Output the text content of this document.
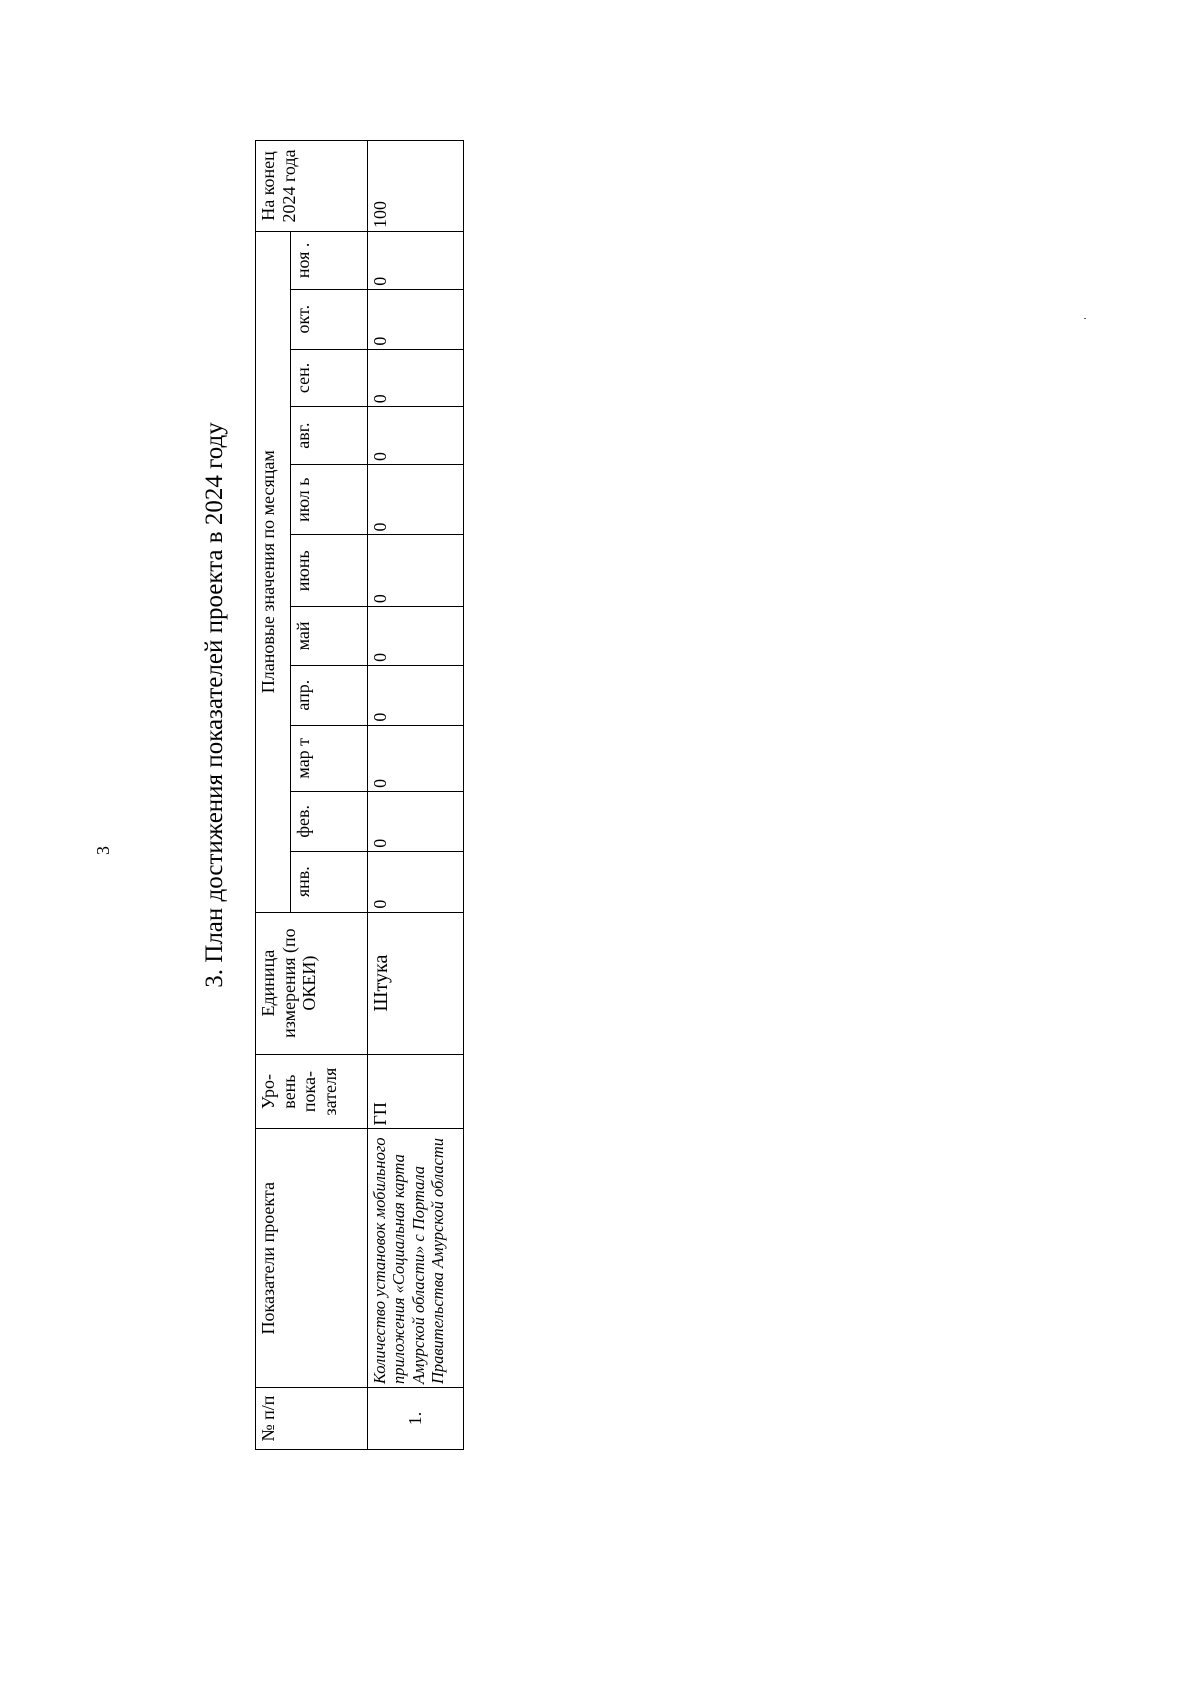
3	3. План достижения показателей проекта в 2024 году
№ п/п	Показатели проекта	Уро-вень пока-зателя	Единица измерения (по ОКЕИ)	Плановые значения по месяцам											На конец 2024 года
				янв.	фев.	мар т	апр.	май	июнь	июл ь	авг.	сен.	окт.	ноя .	
1.	Количество установок мобильного приложения «Социальная карта Амурской области» с Портала Правительства Амурской области	ГП	Штука	0	0	0	0	0	0	0	0	0	0	0	100
